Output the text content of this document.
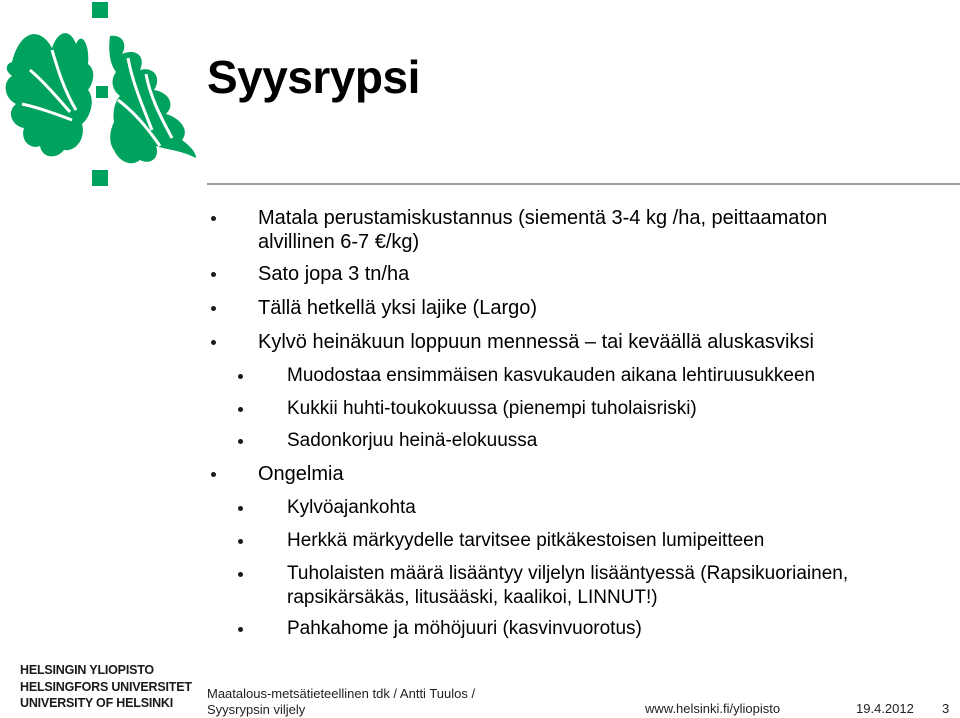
Syysrypsi
Matala perustamiskustannus (siementä 3-4 kg /ha, peittaamaton
alvillinen 6-7 €/kg)
Sato jopa 3 tn/ha
Tällä hetkellä yksi lajike (Largo)
Kylvö heinäkuun loppuun mennessä – tai keväällä aluskasviksi
Muodostaa ensimmäisen kasvukauden aikana lehtiruusukkeen
Kukkii huhti-toukokuussa (pienempi tuholaisriski)
Sadonkorjuu heinä-elokuussa
Ongelmia
Kylvöajankohta
Herkkä märkyydelle tarvitsee pitkäkestoisen lumipeitteen
Tuholaisten määrä lisääntyy viljelyn lisääntyessä (Rapsikuoriainen,
rapsikärsäkäs, litusääski, kaalikoi, LINNUT!)
Pahkahome ja möhöjuuri (kasvinvuorotus)
HELSINGIN YLIOPISTO
HELSINGFORS UNIVERSITET
UNIVERSITY OF HELSINKI
Maatalous-metsätieteellinen tdk / Antti Tuulos /
Syysrypsin viljely	www.helsinki.fi/yliopisto	19.4.2012 3
